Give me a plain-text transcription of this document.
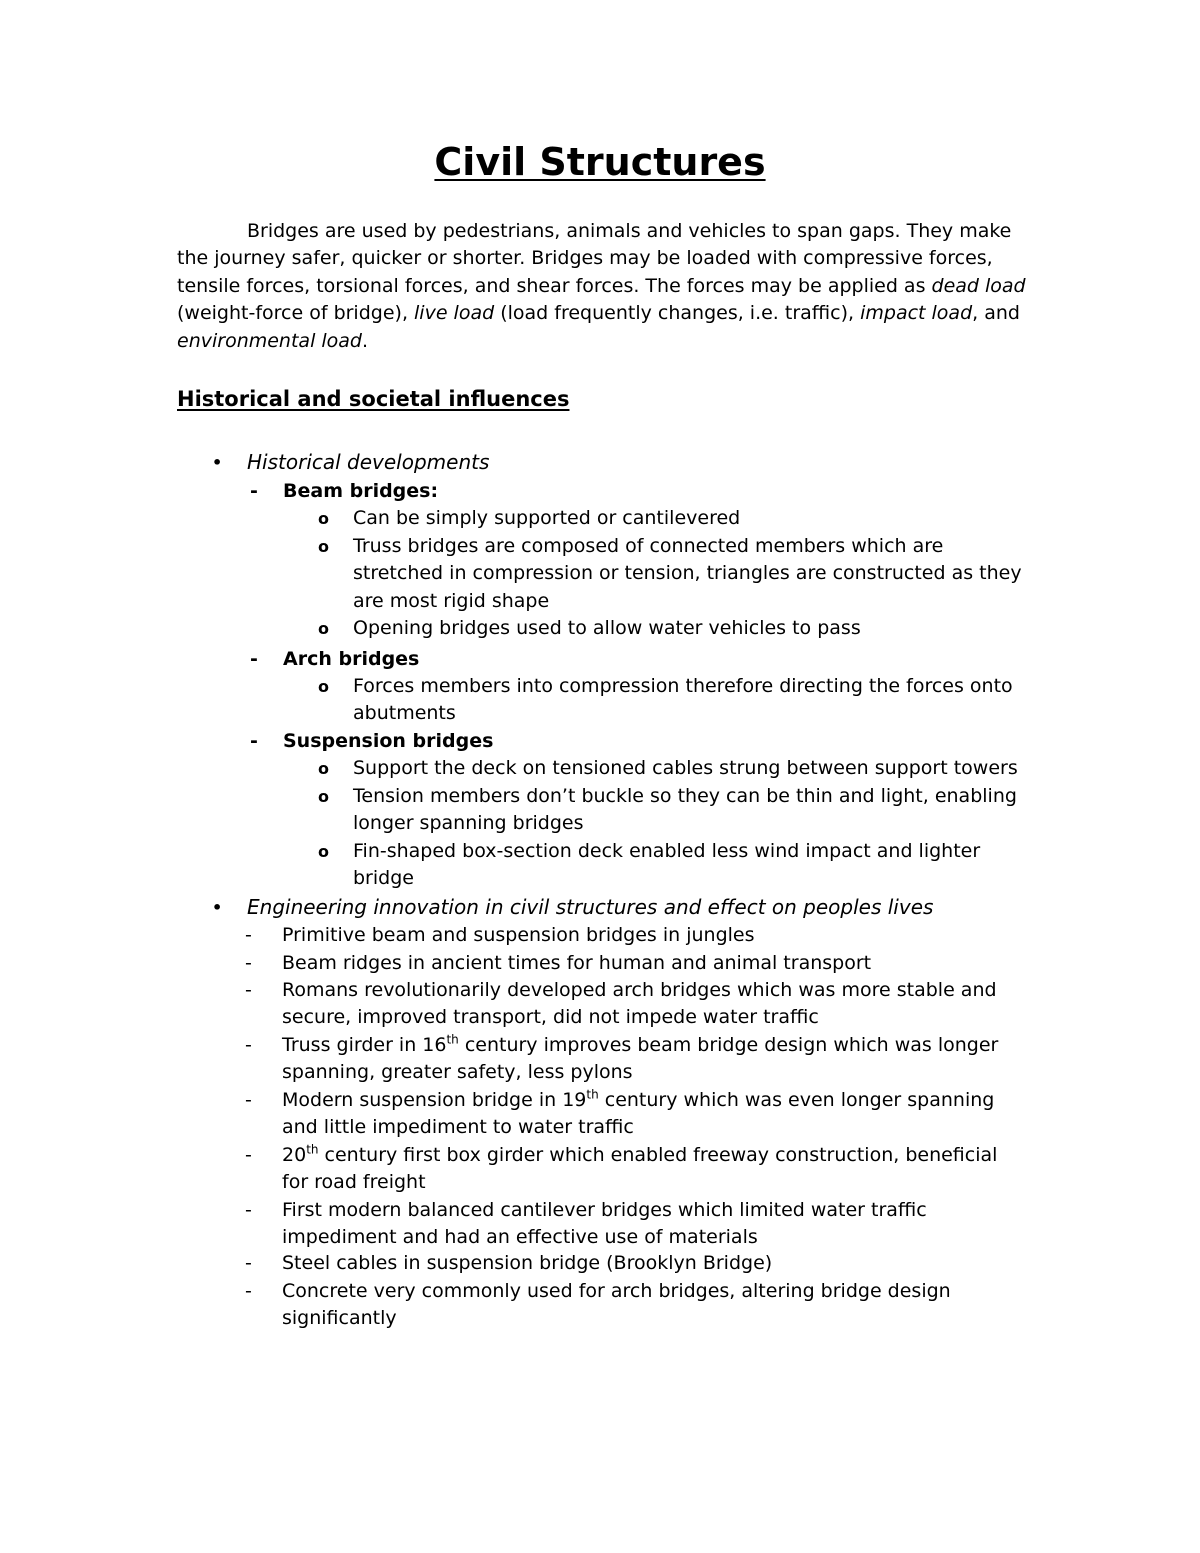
Civil Structures

Bridges are used by pedestrians, animals and vehicles to span gaps. They make the journey safer, quicker or shorter. Bridges may be loaded with compressive forces, tensile forces, torsional forces, and shear forces. The forces may be applied as dead load (weight-force of bridge), live load (load frequently changes, i.e. traffic), impact load, and environmental load.

Historical and societal influences
• Historical developments
- Beam bridges:
o Can be simply supported or cantilevered
o Truss bridges are composed of connected members which are stretched in compression or tension, triangles are constructed as they are most rigid shape
o Opening bridges used to allow water vehicles to pass
- Arch bridges
o Forces members into compression therefore directing the forces onto abutments
- Suspension bridges
o Support the deck on tensioned cables strung between support towers
o Tension members don’t buckle so they can be thin and light, enabling longer spanning bridges
o Fin-shaped box-section deck enabled less wind impact and lighter bridge
• Engineering innovation in civil structures and effect on peoples lives
- Primitive beam and suspension bridges in jungles
- Beam ridges in ancient times for human and animal transport
- Romans revolutionarily developed arch bridges which was more stable and secure, improved transport, did not impede water traffic
- Truss girder in 16th century improves beam bridge design which was longer spanning, greater safety, less pylons
- Modern suspension bridge in 19th century which was even longer spanning and little impediment to water traffic
- 20th century first box girder which enabled freeway construction, beneficial for road freight
- First modern balanced cantilever bridges which limited water traffic impediment and had an effective use of materials
- Steel cables in suspension bridge (Brooklyn Bridge)
- Concrete very commonly used for arch bridges, altering bridge design significantly
